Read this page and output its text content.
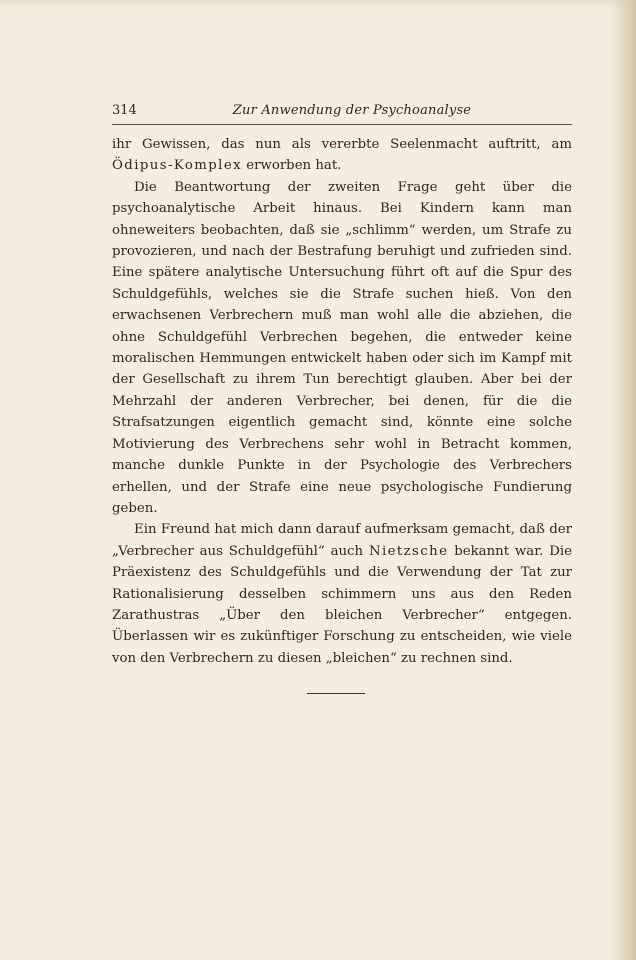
314	Zur Anwendung der Psychoanalyse

ihr Gewissen, das nun als vererbte Seelenmacht auftritt, am Ödipus-Komplex erworben hat.

Die Beantwortung der zweiten Frage geht über die psychoanalytische Arbeit hinaus. Bei Kindern kann man ohneweiters beobachten, daß sie „schlimm“ werden, um Strafe zu provozieren, und nach der Bestrafung beruhigt und zufrieden sind. Eine spätere analytische Untersuchung führt oft auf die Spur des Schuldgefühls, welches sie die Strafe suchen hieß. Von den erwachsenen Verbrechern muß man wohl alle die abziehen, die ohne Schuldgefühl Verbrechen begehen, die entweder keine moralischen Hemmungen entwickelt haben oder sich im Kampf mit der Gesellschaft zu ihrem Tun berechtigt glauben. Aber bei der Mehrzahl der anderen Verbrecher, bei denen, für die die Strafsatzungen eigentlich gemacht sind, könnte eine solche Motivierung des Verbrechens sehr wohl in Betracht kommen, manche dunkle Punkte in der Psychologie des Verbrechers erhellen, und der Strafe eine neue psychologische Fundierung geben.

Ein Freund hat mich dann darauf aufmerksam gemacht, daß der „Verbrecher aus Schuldgefühl“ auch Nietzsche bekannt war. Die Präexistenz des Schuldgefühls und die Verwendung der Tat zur Rationalisierung desselben schimmern uns aus den Reden Zarathustras „Über den bleichen Verbrecher“ entgegen. Überlassen wir es zukünftiger Forschung zu entscheiden, wie viele von den Verbrechern zu diesen „bleichen“ zu rechnen sind.
